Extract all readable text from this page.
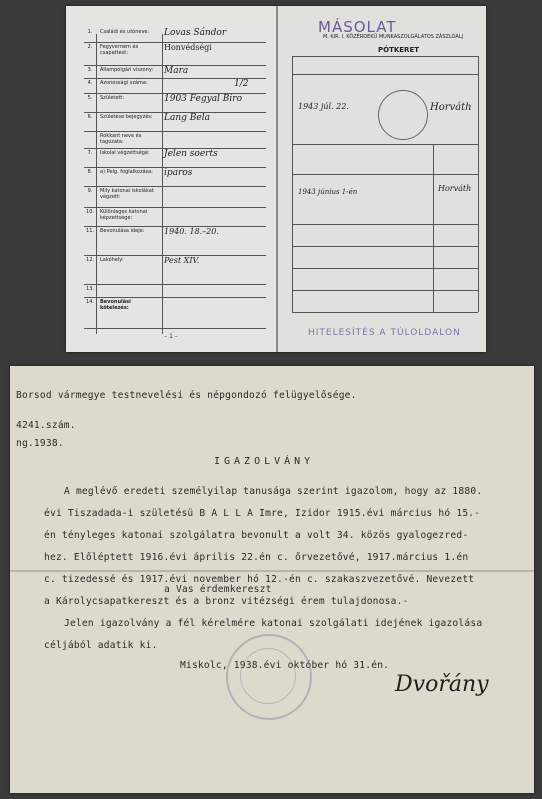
1.	Családi és utóneve:	Lovas Sándor
2.	Fegyvernem és csapattest:
Honvédségi
3.	Állampolgári viszony:	Mara
4.	Azonossági száma:	1/2
5.	Született:	1903 Fegyal Biro
6.	Születése bejegyzés:	Lang Bela
Rokkant neve és tagozata:
7.	Iskolai végzettsége:	Jelen soerts
8.	a) Pelg. foglalkozása:	iparos
9.	Mily katonai iskolákat végzett:
10.	Különleges katonai képzettsége:
11.	Bevonulása ideje:	1940. 18.–20.
12.	Lakóhely:	Pest XIV.
13.
14.	Bevonulási kötelezés:
– 1 –
MÁSOLAT
M. KIR. I. KÖZÉRDEKŰ MUNKASZOLGÁLATOS ZÁSZLÓALJ
PÓTKERET
1943 júl. 22.	Horváth
1943 június 1-én	Horváth
HITELESÍTÉS A TÚLOLDALON
Borsod vármegye testnevelési és népgondozó felügyelősége.
4241.szám.
ng.1938.
IGAZOLVÁNY
A meglévő eredeti személyilap tanusága szerint igazolom, hogy az 1880.
évi Tiszadada-i születésü B A L L A Imre, Izidor 1915.évi március hó 15.-
én tényleges katonai szolgálatra bevonult a volt 34. közös gyalogezred-
hez. Előléptett 1916.évi április 22.én c. őrvezetővé, 1917.március 1.én
c. tizedessé és 1917.évi november hó 12.-én c. szakaszvezetővé. Nevezett
a Vas érdemkereszt
a Károlycsapatkereszt és a bronz vitézségi érem tulajdonosa.-
Jelen igazolvány a fél kérelmére katonai szolgálati idejének igazolása
céljából adatik ki.
Miskolc, 1938.évi október hó 31.én.
Dvořány
